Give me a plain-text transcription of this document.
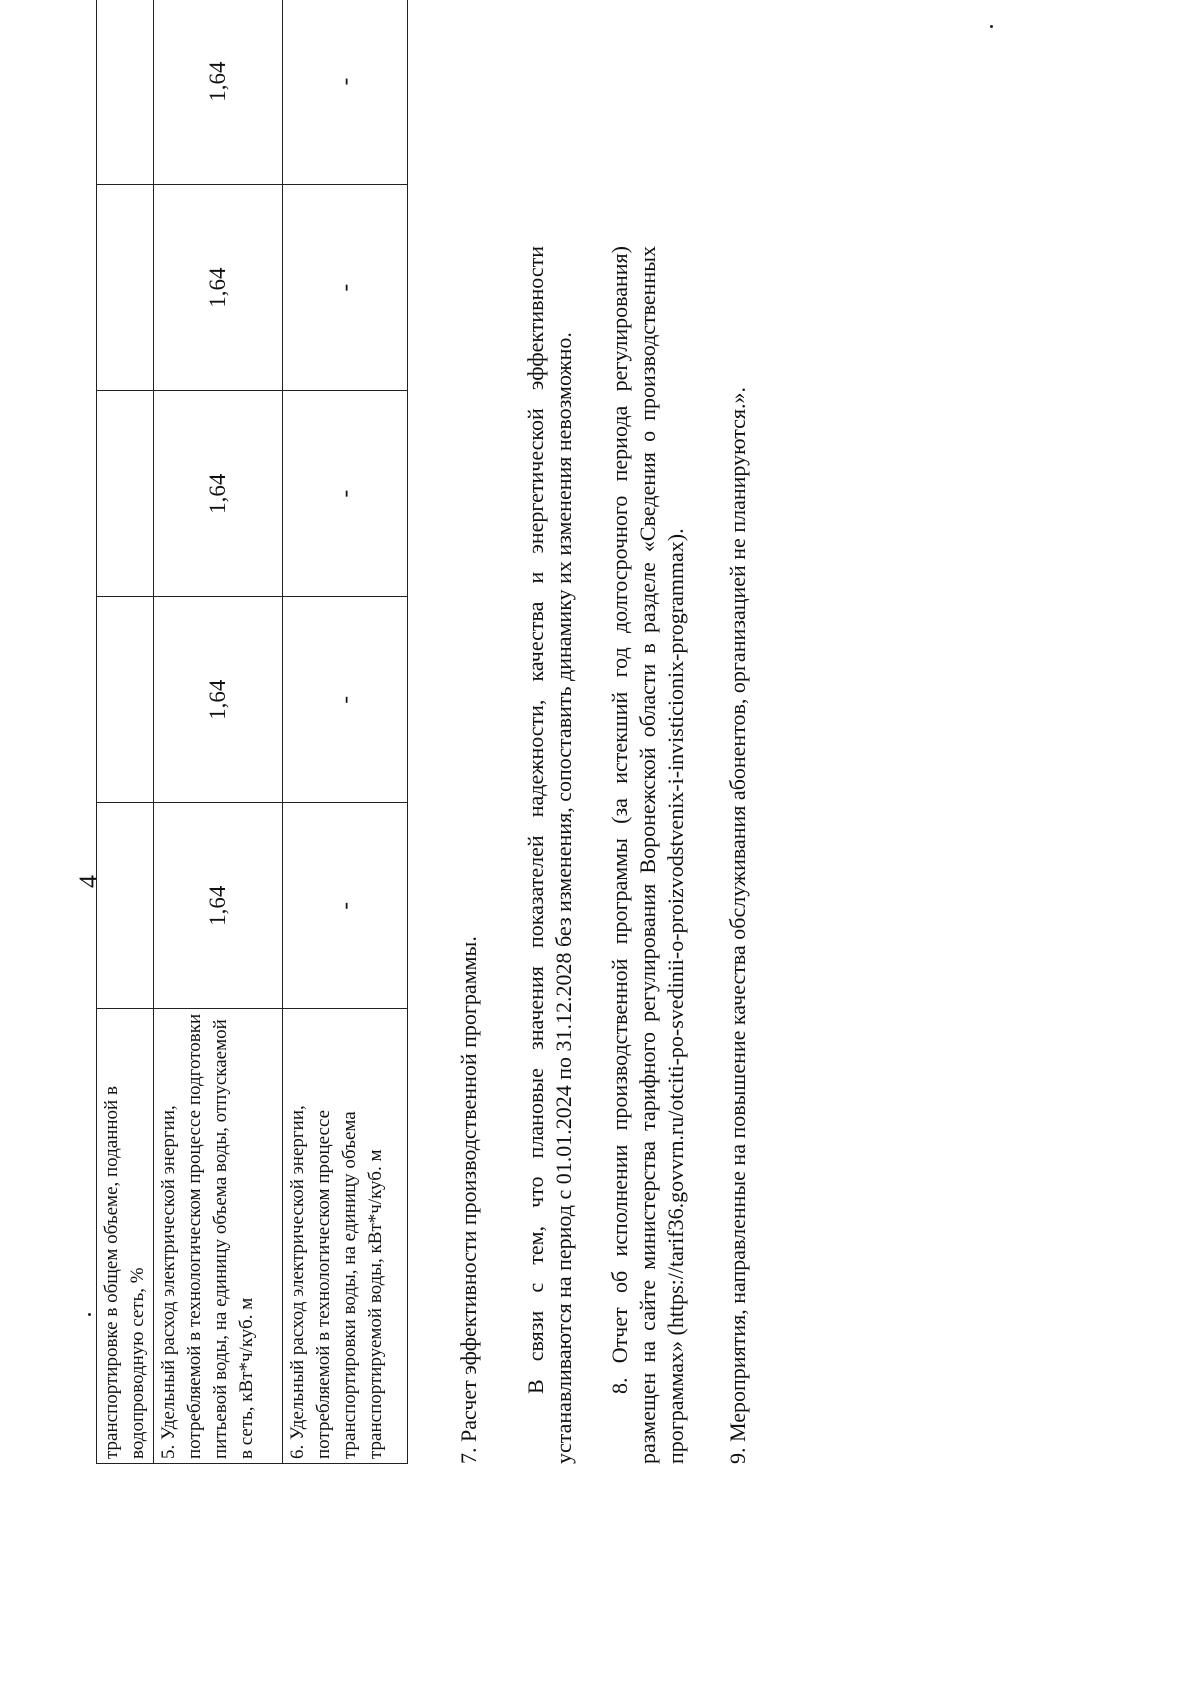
4
транспортировке в общем объеме, поданной в водопроводную сеть, %					
5. Удельный расход электрической энергии, потребляемой в технологическом процессе подготовки питьевой воды, на единицу объема воды, отпускаемой в сеть, кВт*ч/куб. м	1,64	1,64	1,64	1,64	1,64
6. Удельный расход электрической энергии, потребляемой в технологическом процессе транспортировки воды, на единицу объема транспортируемой воды, кВт*ч/куб. м	-	-	-	-	-

7. Расчет эффективности производственной программы. В связи с тем, что плановые значения показателей надежности, качества и энергетической эффективности устанавливаются на период с 01.01.2024 по 31.12.2028 без изменения, сопоставить динамику их изменения невозможно. 8. Отчет об исполнении производственной программы (за истекший год долгосрочного периода регулирования) размещен на сайте министерства тарифного регулирования Воронежской области в разделе «Сведения о производственных программах» (https://tarif36.govvrn.ru/otciti-po-svedinii-o-proizvodstvenix-i-invisticionix-programmax). 9. Мероприятия, направленные на повышение качества обслуживания абонентов, организацией не планируются.».
